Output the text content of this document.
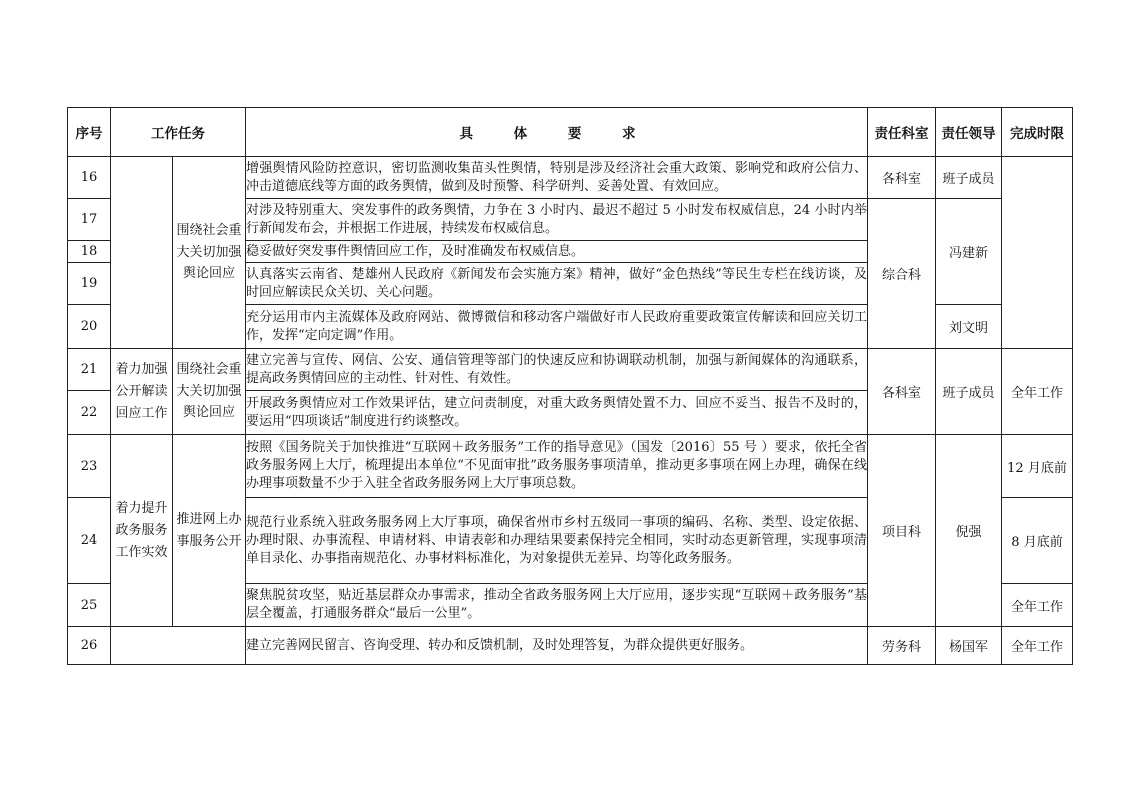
序号	工作任务		具 体 要 求	责任科室	责任领导	完成时限
16		围绕社会重大关切加强舆论回应	增强舆情风险防控意识，密切监测收集苗头性舆情，特别是涉及经济社会重大政策、影响党和政府公信力、冲击道德底线等方面的政务舆情，做到及时预警、科学研判、妥善处置、有效回应。	各科室	班子成员	
17			对涉及特别重大、突发事件的政务舆情，力争在 3 小时内、最迟不超过 5 小时发布权威信息，24 小时内举行新闻发布会，并根据工作进展，持续发布权威信息。	综合科	冯建新	
18			稳妥做好突发事件舆情回应工作，及时准确发布权威信息。			
19			认真落实云南省、楚雄州人民政府《新闻发布会实施方案》精神，做好“金色热线”等民生专栏在线访谈，及时回应解读民众关切、关心问题。			
20			充分运用市内主流媒体及政府网站、微博微信和移动客户端做好市人民政府重要政策宣传解读和回应关切工作，发挥“定向定调”作用。		刘文明	
21	着力加强公开解读回应工作	围绕社会重大关切加强舆论回应	建立完善与宣传、网信、公安、通信管理等部门的快速反应和协调联动机制，加强与新闻媒体的沟通联系，提高政务舆情回应的主动性、针对性、有效性。	各科室	班子成员	全年工作
22			开展政务舆情应对工作效果评估，建立问责制度，对重大政务舆情处置不力、回应不妥当、报告不及时的，要运用“四项谈话”制度进行约谈整改。			
23	着力提升政务服务工作实效	推进网上办事服务公开	按照《国务院关于加快推进“互联网＋政务服务”工作的指导意见》（国发〔2016〕55 号 ）要求，依托全省政务服务网上大厅，梳理提出本单位“不见面审批”政务服务事项清单，推动更多事项在网上办理，确保在线办理事项数量不少于入驻全省政务服务网上大厅事项总数。	项目科	倪强	12 月底前
24			规范行业系统入驻政务服务网上大厅事项，确保省州市乡村五级同一事项的编码、名称、类型、设定依据、办理时限、办事流程、申请材料、申请表彰和办理结果要素保持完全相同，实时动态更新管理，实现事项清单目录化、办事指南规范化、办事材料标准化，为对象提供无差异、均等化政务服务。			8 月底前
25			聚焦脱贫攻坚，贴近基层群众办事需求，推动全省政务服务网上大厅应用，逐步实现“互联网＋政务服务”基层全覆盖，打通服务群众“最后一公里”。			全年工作
26			建立完善网民留言、咨询受理、转办和反馈机制，及时处理答复，为群众提供更好服务。	劳务科	杨国军	全年工作
